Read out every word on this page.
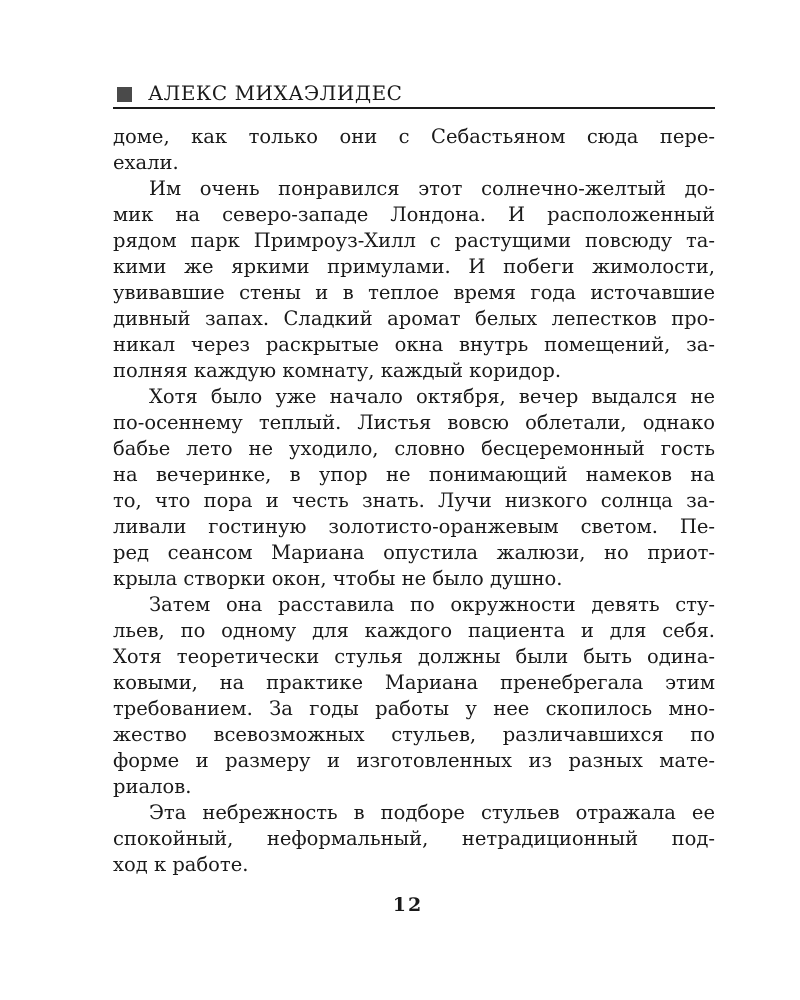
АЛЕКС МИХАЭЛИДЕС
доме, как только они с Себастьяном сюда пере-
ехали.
Им очень понравился этот солнечно-желтый до-
мик на северо-западе Лондона. И расположенный
рядом парк Примроуз-Хилл с растущими повсюду та-
кими же яркими примулами. И побеги жимолости,
увивавшие стены и в теплое время года источавшие
дивный запах. Сладкий аромат белых лепестков про-
никал через раскрытые окна внутрь помещений, за-
полняя каждую комнату, каждый коридор.
Хотя было уже начало октября, вечер выдался не
по-осеннему теплый. Листья вовсю облетали, однако
бабье лето не уходило, словно бесцеремонный гость
на вечеринке, в упор не понимающий намеков на
то, что пора и честь знать. Лучи низкого солнца за-
ливали гостиную золотисто-оранжевым светом. Пе-
ред сеансом Мариана опустила жалюзи, но приот-
крыла створки окон, чтобы не было душно.
Затем она расставила по окружности девять сту-
льев, по одному для каждого пациента и для себя.
Хотя теоретически стулья должны были быть одина-
ковыми, на практике Мариана пренебрегала этим
требованием. За годы работы у нее скопилось мно-
жество всевозможных стульев, различавшихся по
форме и размеру и изготовленных из разных мате-
риалов.
Эта небрежность в подборе стульев отражала ее
спокойный, неформальный, нетрадиционный под-
ход к работе.
12
